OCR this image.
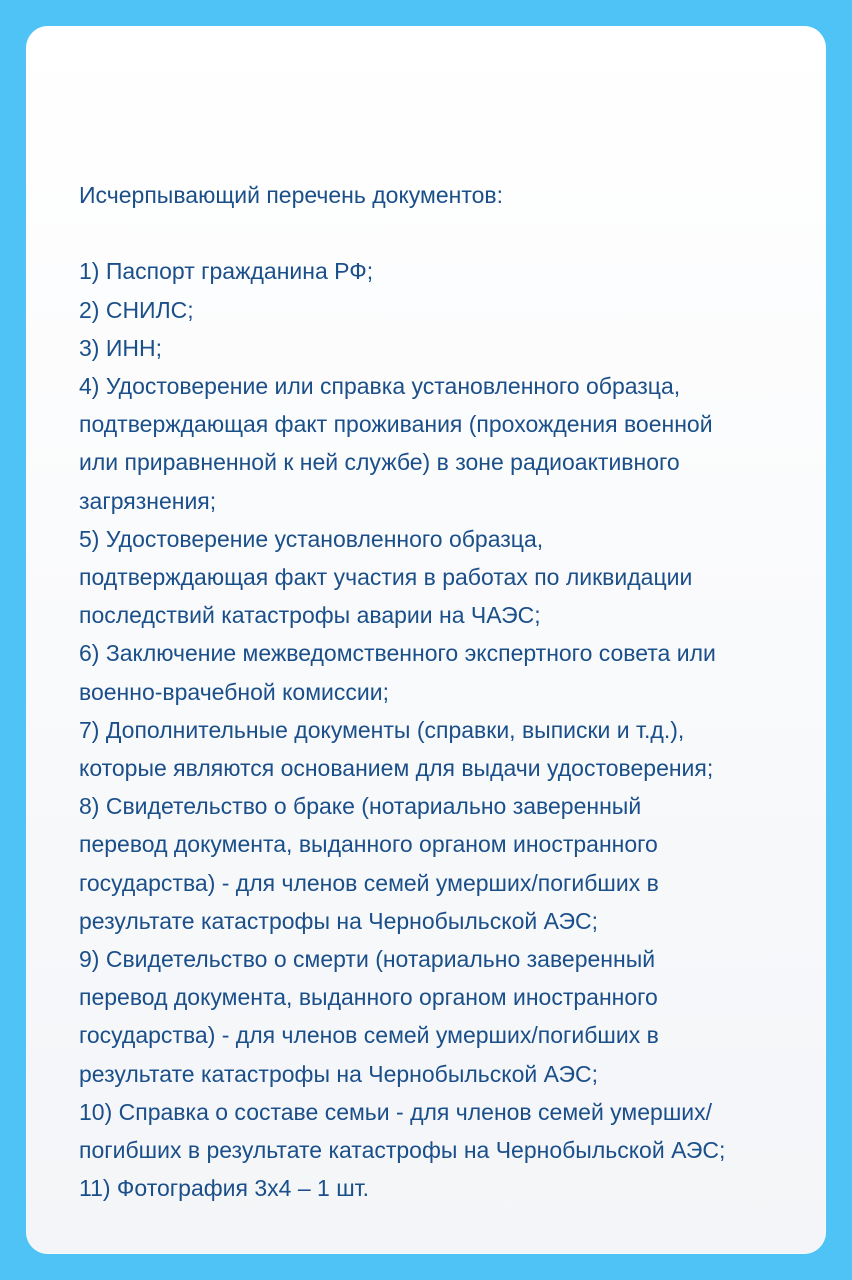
Исчерпывающий перечень документов:

1) Паспорт гражданина РФ;
2) СНИЛС;
3) ИНН;
4) Удостоверение или справка установленного образца,
подтверждающая факт проживания (прохождения военной
или приравненной к ней службе) в зоне радиоактивного
загрязнения;
5) Удостоверение установленного образца,
подтверждающая факт участия в работах по ликвидации
последствий катастрофы аварии на ЧАЭС;
6) Заключение межведомственного экспертного совета или
военно-врачебной комиссии;
7) Дополнительные документы (справки, выписки и т.д.),
которые являются основанием для выдачи удостоверения;
8) Свидетельство о браке (нотариально заверенный
перевод документа, выданного органом иностранного
государства) - для членов семей умерших/погибших в
результате катастрофы на Чернобыльской АЭС;
9) Свидетельство о смерти (нотариально заверенный
перевод документа, выданного органом иностранного
государства) - для членов семей умерших/погибших в
результате катастрофы на Чернобыльской АЭС;
10) Справка о составе семьи - для членов семей умерших/
погибших в результате катастрофы на Чернобыльской АЭС;
11) Фотография 3х4 – 1 шт.
